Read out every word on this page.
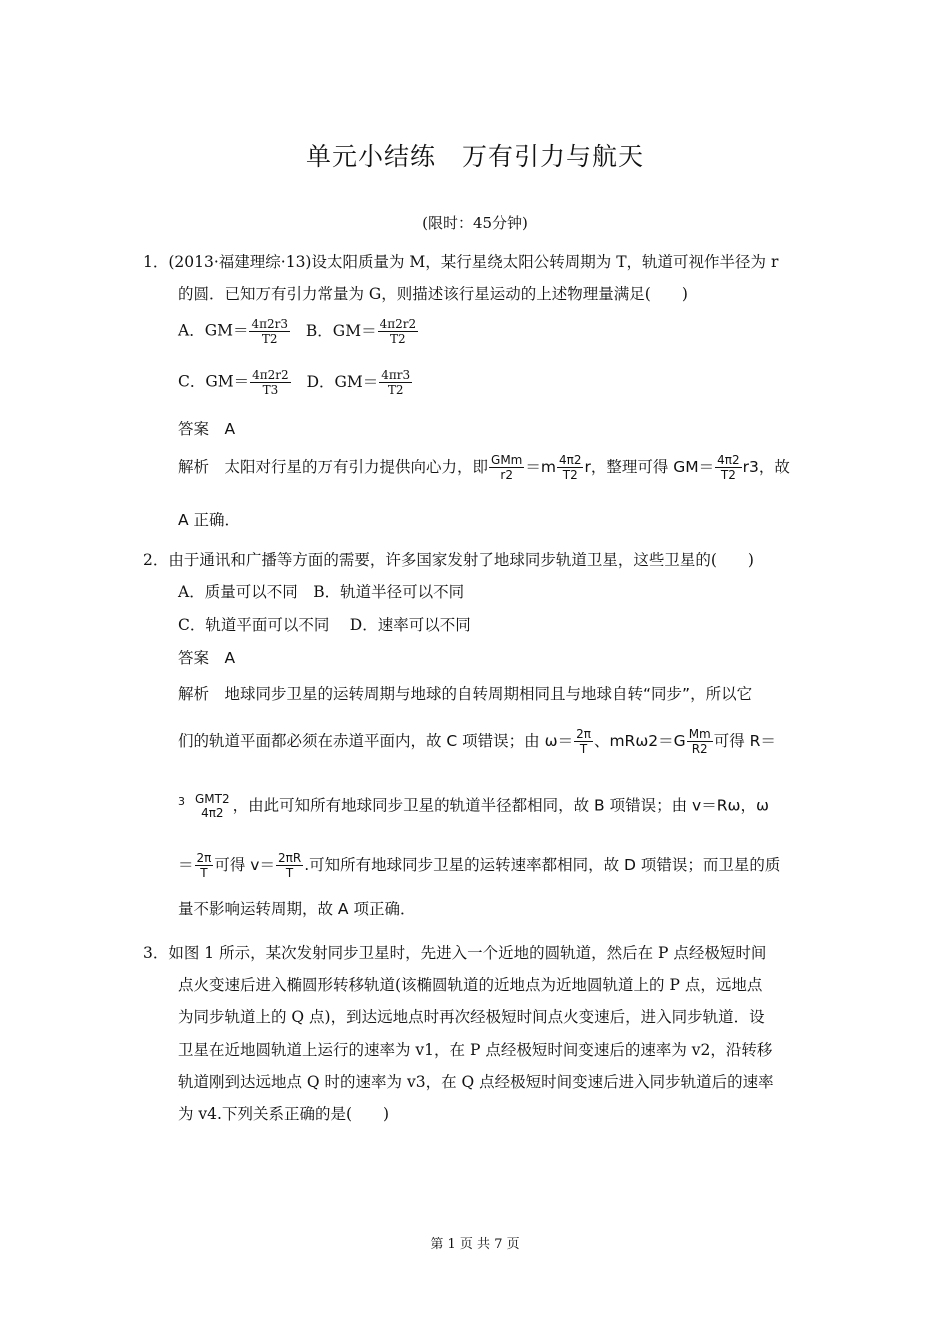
单元小结练　万有引力与航天
(限时：45分钟)
1．(2013·福建理综·13)设太阳质量为 M，某行星绕太阳公转周期为 T，轨道可视作半径为 r
的圆．已知万有引力常量为 G，则描述该行星运动的上述物理量满足(　　)
A．$GM= \frac{4\pi 2r3}{T2}$ B．$GM= \frac{4\pi 2r2}{T2}$
C．$GM= \frac{4\pi 2r2}{T3}$ D．$GM= \frac{4\pi r3}{T2}$
答案　A
解析　太阳对行星的万有引力提供向心力，即 $\frac{\text{GMm}}{r2} =m \frac{4\pi 2}{T2}$ r，整理可得 $GM= \frac{4\pi 2}{T2} r3$，故
A 正确．
2．由于通讯和广播等方面的需要，许多国家发射了地球同步轨道卫星，这些卫星的(　　)
A．质量可以不同　B．轨道半径可以不同
C．轨道平面可以不同　 D．速率可以不同
答案　A
解析　地球同步卫星的运转周期与地球的自转周期相同且与地球自转“同步”，所以它
们的轨道平面都必须在赤道平面内，故 C 项错误；由 $\omega= \frac{2\pi}{T}$ 、$mR\omega 2=G \frac{Mm}{R2}$ 可得 R＝
$^3$ GMT2
4π2 ，由此可知所有地球同步卫星的轨道半径都相同，故 B 项错误；由 v＝Rω，ω
＝ $\frac{2\pi}{T}$ 可得 $v= \frac{2\pi R}{T}$ .可知所有地球同步卫星的运转速率都相同，故 D 项错误；而卫星的质
量不影响运转周期，故 A 项正确．
3．如图 1 所示，某次发射同步卫星时，先进入一个近地的圆轨道，然后在 P 点经极短时间
点火变速后进入椭圆形转移轨道(该椭圆轨道的近地点为近地圆轨道上的 P 点，远地点
为同步轨道上的 Q 点)，到达远地点时再次经极短时间点火变速后，进入同步轨道．设
卫星在近地圆轨道上运行的速率为 v1，在 P 点经极短时间变速后的速率为 v2，沿转移
轨道刚到达远地点 Q 时的速率为 v3，在 Q 点经极短时间变速后进入同步轨道后的速率
为 v4.下列关系正确的是(　　)
第 1 页 共 7 页
